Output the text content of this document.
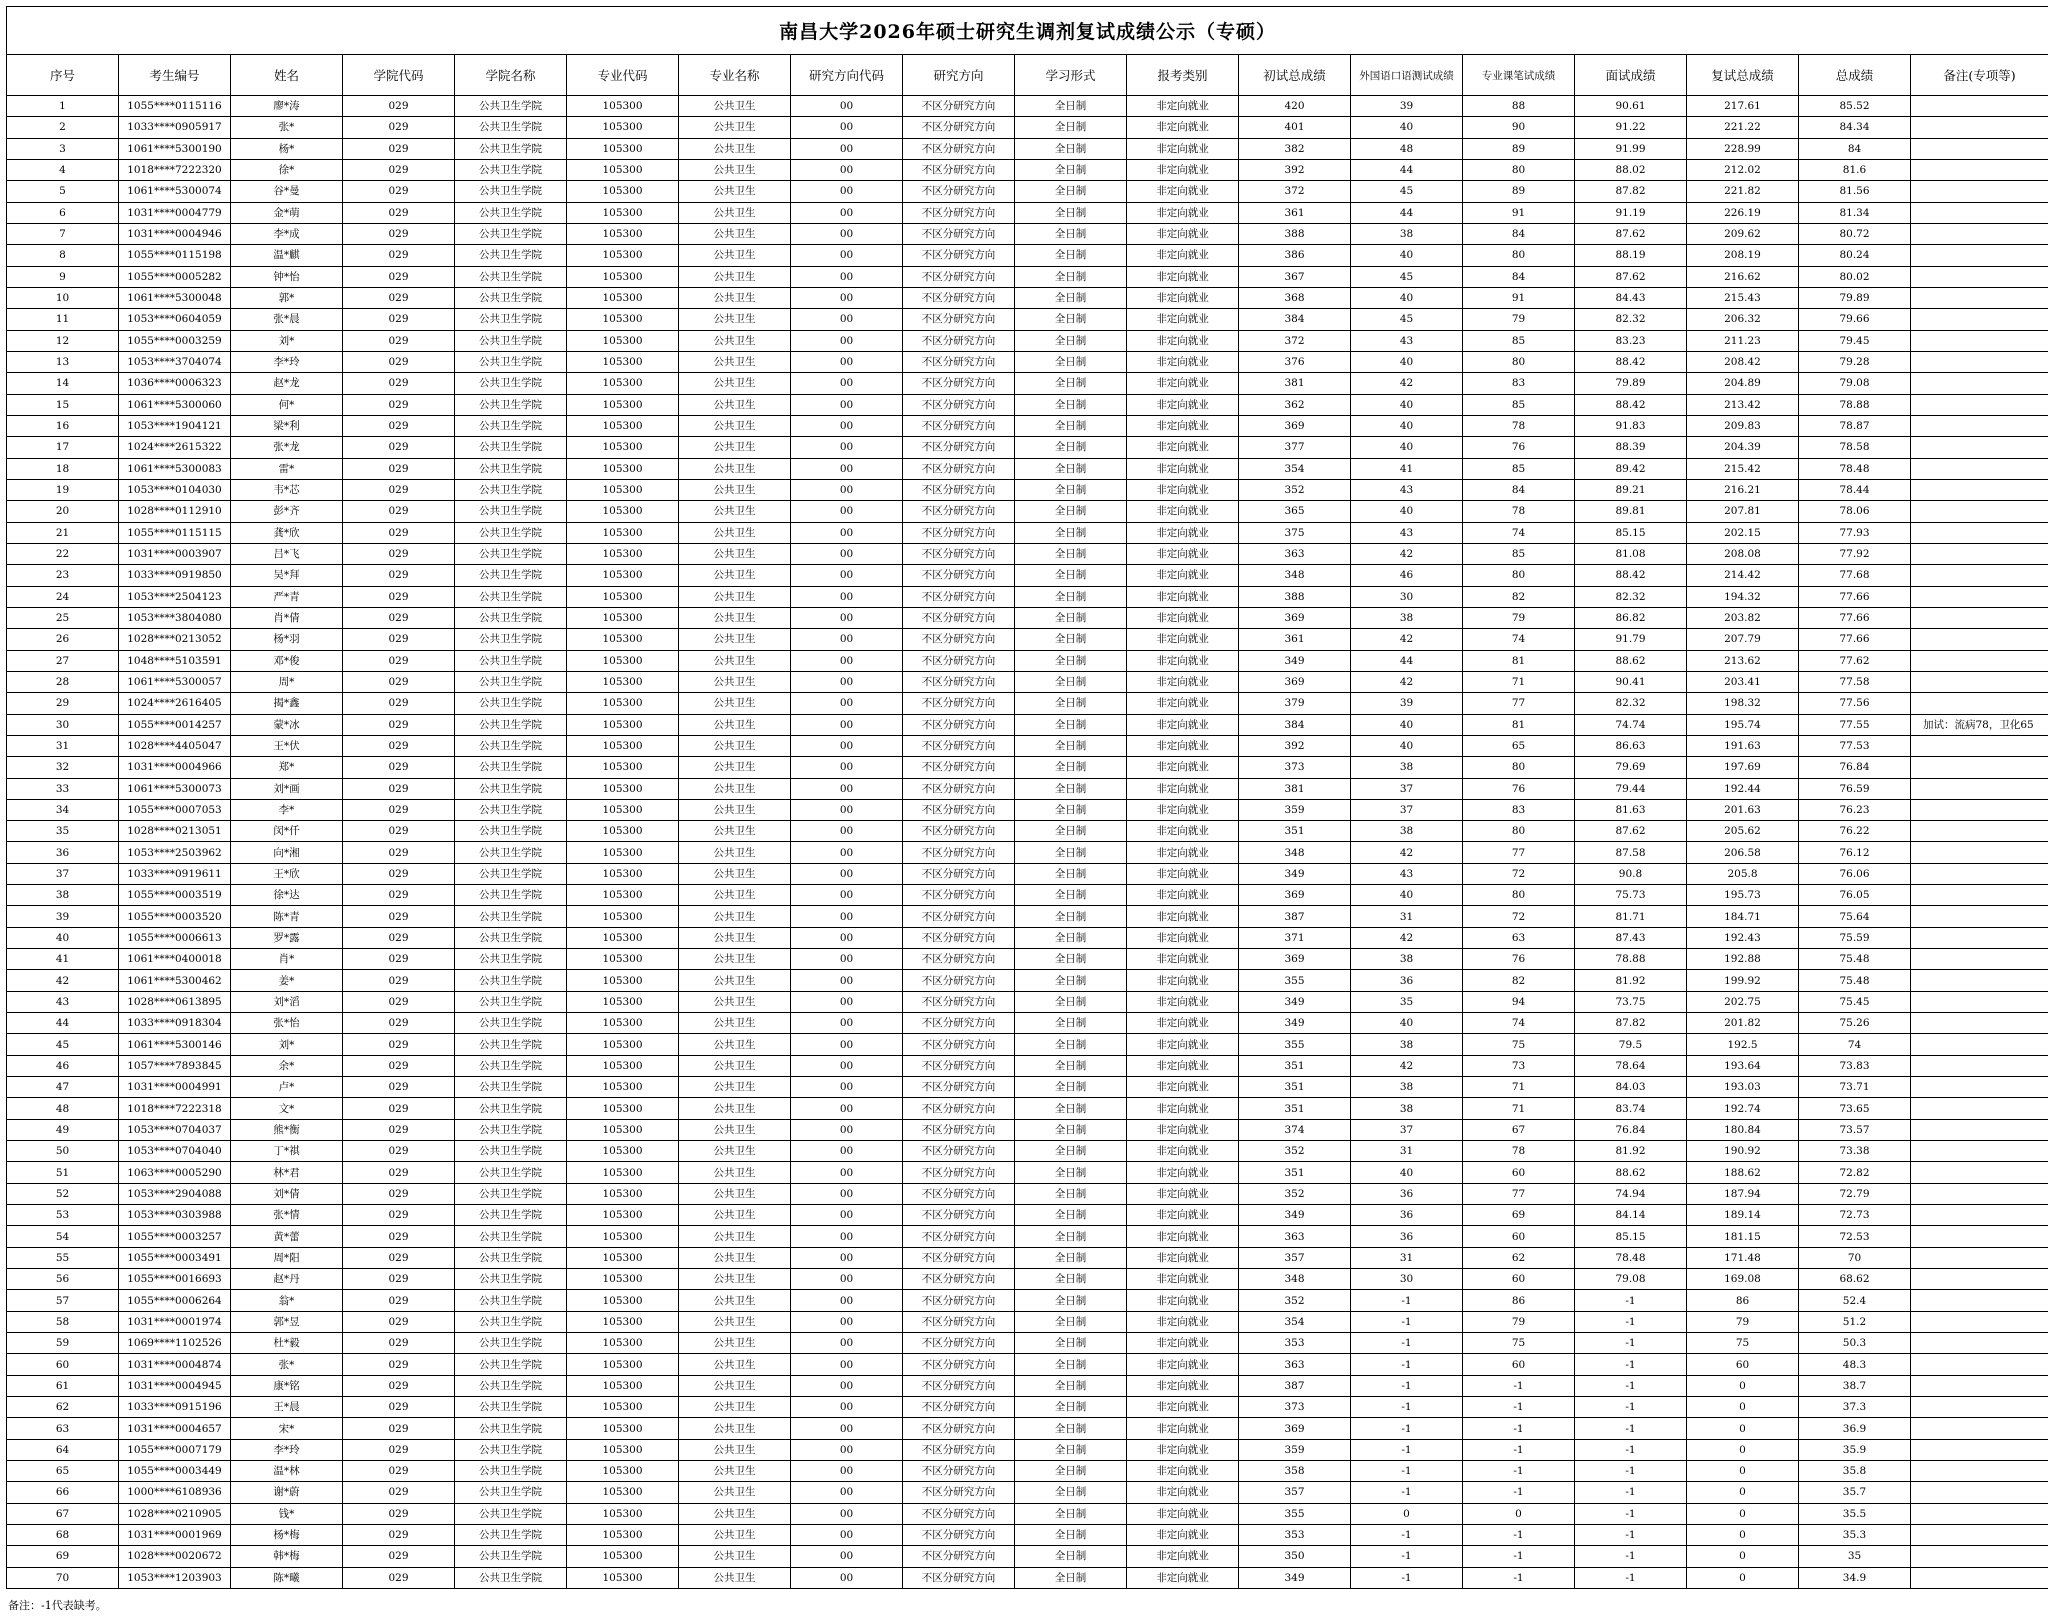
南昌大学2026年硕士研究生调剂复试成绩公示（专硕）																	
序号	考生编号	姓名	学院代码	学院名称	专业代码	专业名称	研究方向代码	研究方向	学习形式	报考类别	初试总成绩	外国语口语测试成绩	专业课笔试成绩	面试成绩	复试总成绩	总成绩	备注(专项等)
1	1055****0115116	廖*涛	029	公共卫生学院	105300	公共卫生	00	不区分研究方向	全日制	非定向就业	420	39	88	90.61	217.61	85.52	
2	1033****0905917	张*	029	公共卫生学院	105300	公共卫生	00	不区分研究方向	全日制	非定向就业	401	40	90	91.22	221.22	84.34	
3	1061****5300190	杨*	029	公共卫生学院	105300	公共卫生	00	不区分研究方向	全日制	非定向就业	382	48	89	91.99	228.99	84	
4	1018****7222320	徐*	029	公共卫生学院	105300	公共卫生	00	不区分研究方向	全日制	非定向就业	392	44	80	88.02	212.02	81.6	
5	1061****5300074	谷*曼	029	公共卫生学院	105300	公共卫生	00	不区分研究方向	全日制	非定向就业	372	45	89	87.82	221.82	81.56	
6	1031****0004779	金*萌	029	公共卫生学院	105300	公共卫生	00	不区分研究方向	全日制	非定向就业	361	44	91	91.19	226.19	81.34	
7	1031****0004946	李*成	029	公共卫生学院	105300	公共卫生	00	不区分研究方向	全日制	非定向就业	388	38	84	87.62	209.62	80.72	
8	1055****0115198	温*麒	029	公共卫生学院	105300	公共卫生	00	不区分研究方向	全日制	非定向就业	386	40	80	88.19	208.19	80.24	
9	1055****0005282	钟*怡	029	公共卫生学院	105300	公共卫生	00	不区分研究方向	全日制	非定向就业	367	45	84	87.62	216.62	80.02	
10	1061****5300048	郭*	029	公共卫生学院	105300	公共卫生	00	不区分研究方向	全日制	非定向就业	368	40	91	84.43	215.43	79.89	
11	1053****0604059	张*晨	029	公共卫生学院	105300	公共卫生	00	不区分研究方向	全日制	非定向就业	384	45	79	82.32	206.32	79.66	
12	1055****0003259	刘*	029	公共卫生学院	105300	公共卫生	00	不区分研究方向	全日制	非定向就业	372	43	85	83.23	211.23	79.45	
13	1053****3704074	李*玲	029	公共卫生学院	105300	公共卫生	00	不区分研究方向	全日制	非定向就业	376	40	80	88.42	208.42	79.28	
14	1036****0006323	赵*龙	029	公共卫生学院	105300	公共卫生	00	不区分研究方向	全日制	非定向就业	381	42	83	79.89	204.89	79.08	
15	1061****5300060	何*	029	公共卫生学院	105300	公共卫生	00	不区分研究方向	全日制	非定向就业	362	40	85	88.42	213.42	78.88	
16	1053****1904121	梁*利	029	公共卫生学院	105300	公共卫生	00	不区分研究方向	全日制	非定向就业	369	40	78	91.83	209.83	78.87	
17	1024****2615322	张*龙	029	公共卫生学院	105300	公共卫生	00	不区分研究方向	全日制	非定向就业	377	40	76	88.39	204.39	78.58	
18	1061****5300083	雷*	029	公共卫生学院	105300	公共卫生	00	不区分研究方向	全日制	非定向就业	354	41	85	89.42	215.42	78.48	
19	1053****0104030	韦*芯	029	公共卫生学院	105300	公共卫生	00	不区分研究方向	全日制	非定向就业	352	43	84	89.21	216.21	78.44	
20	1028****0112910	彭*齐	029	公共卫生学院	105300	公共卫生	00	不区分研究方向	全日制	非定向就业	365	40	78	89.81	207.81	78.06	
21	1055****0115115	龚*欣	029	公共卫生学院	105300	公共卫生	00	不区分研究方向	全日制	非定向就业	375	43	74	85.15	202.15	77.93	
22	1031****0003907	吕*飞	029	公共卫生学院	105300	公共卫生	00	不区分研究方向	全日制	非定向就业	363	42	85	81.08	208.08	77.92	
23	1033****0919850	吴*拜	029	公共卫生学院	105300	公共卫生	00	不区分研究方向	全日制	非定向就业	348	46	80	88.42	214.42	77.68	
24	1053****2504123	严*青	029	公共卫生学院	105300	公共卫生	00	不区分研究方向	全日制	非定向就业	388	30	82	82.32	194.32	77.66	
25	1053****3804080	肖*倩	029	公共卫生学院	105300	公共卫生	00	不区分研究方向	全日制	非定向就业	369	38	79	86.82	203.82	77.66	
26	1028****0213052	杨*羽	029	公共卫生学院	105300	公共卫生	00	不区分研究方向	全日制	非定向就业	361	42	74	91.79	207.79	77.66	
27	1048****5103591	邓*俊	029	公共卫生学院	105300	公共卫生	00	不区分研究方向	全日制	非定向就业	349	44	81	88.62	213.62	77.62	
28	1061****5300057	周*	029	公共卫生学院	105300	公共卫生	00	不区分研究方向	全日制	非定向就业	369	42	71	90.41	203.41	77.58	
29	1024****2616405	揭*鑫	029	公共卫生学院	105300	公共卫生	00	不区分研究方向	全日制	非定向就业	379	39	77	82.32	198.32	77.56	
30	1055****0014257	蒙*冰	029	公共卫生学院	105300	公共卫生	00	不区分研究方向	全日制	非定向就业	384	40	81	74.74	195.74	77.55	加试：流病78，卫化65
31	1028****4405047	王*伏	029	公共卫生学院	105300	公共卫生	00	不区分研究方向	全日制	非定向就业	392	40	65	86.63	191.63	77.53	
32	1031****0004966	郑*	029	公共卫生学院	105300	公共卫生	00	不区分研究方向	全日制	非定向就业	373	38	80	79.69	197.69	76.84	
33	1061****5300073	刘*画	029	公共卫生学院	105300	公共卫生	00	不区分研究方向	全日制	非定向就业	381	37	76	79.44	192.44	76.59	
34	1055****0007053	李*	029	公共卫生学院	105300	公共卫生	00	不区分研究方向	全日制	非定向就业	359	37	83	81.63	201.63	76.23	
35	1028****0213051	闵*仟	029	公共卫生学院	105300	公共卫生	00	不区分研究方向	全日制	非定向就业	351	38	80	87.62	205.62	76.22	
36	1053****2503962	向*湘	029	公共卫生学院	105300	公共卫生	00	不区分研究方向	全日制	非定向就业	348	42	77	87.58	206.58	76.12	
37	1033****0919611	王*欣	029	公共卫生学院	105300	公共卫生	00	不区分研究方向	全日制	非定向就业	349	43	72	90.8	205.8	76.06	
38	1055****0003519	徐*达	029	公共卫生学院	105300	公共卫生	00	不区分研究方向	全日制	非定向就业	369	40	80	75.73	195.73	76.05	
39	1055****0003520	陈*青	029	公共卫生学院	105300	公共卫生	00	不区分研究方向	全日制	非定向就业	387	31	72	81.71	184.71	75.64	
40	1055****0006613	罗*露	029	公共卫生学院	105300	公共卫生	00	不区分研究方向	全日制	非定向就业	371	42	63	87.43	192.43	75.59	
41	1061****0400018	肖*	029	公共卫生学院	105300	公共卫生	00	不区分研究方向	全日制	非定向就业	369	38	76	78.88	192.88	75.48	
42	1061****5300462	姜*	029	公共卫生学院	105300	公共卫生	00	不区分研究方向	全日制	非定向就业	355	36	82	81.92	199.92	75.48	
43	1028****0613895	刘*滔	029	公共卫生学院	105300	公共卫生	00	不区分研究方向	全日制	非定向就业	349	35	94	73.75	202.75	75.45	
44	1033****0918304	张*怡	029	公共卫生学院	105300	公共卫生	00	不区分研究方向	全日制	非定向就业	349	40	74	87.82	201.82	75.26	
45	1061****5300146	刘*	029	公共卫生学院	105300	公共卫生	00	不区分研究方向	全日制	非定向就业	355	38	75	79.5	192.5	74	
46	1057****7893845	余*	029	公共卫生学院	105300	公共卫生	00	不区分研究方向	全日制	非定向就业	351	42	73	78.64	193.64	73.83	
47	1031****0004991	卢*	029	公共卫生学院	105300	公共卫生	00	不区分研究方向	全日制	非定向就业	351	38	71	84.03	193.03	73.71	
48	1018****7222318	文*	029	公共卫生学院	105300	公共卫生	00	不区分研究方向	全日制	非定向就业	351	38	71	83.74	192.74	73.65	
49	1053****0704037	熊*衡	029	公共卫生学院	105300	公共卫生	00	不区分研究方向	全日制	非定向就业	374	37	67	76.84	180.84	73.57	
50	1053****0704040	丁*祺	029	公共卫生学院	105300	公共卫生	00	不区分研究方向	全日制	非定向就业	352	31	78	81.92	190.92	73.38	
51	1063****0005290	林*君	029	公共卫生学院	105300	公共卫生	00	不区分研究方向	全日制	非定向就业	351	40	60	88.62	188.62	72.82	
52	1053****2904088	刘*倩	029	公共卫生学院	105300	公共卫生	00	不区分研究方向	全日制	非定向就业	352	36	77	74.94	187.94	72.79	
53	1053****0303988	张*情	029	公共卫生学院	105300	公共卫生	00	不区分研究方向	全日制	非定向就业	349	36	69	84.14	189.14	72.73	
54	1055****0003257	黄*蕾	029	公共卫生学院	105300	公共卫生	00	不区分研究方向	全日制	非定向就业	363	36	60	85.15	181.15	72.53	
55	1055****0003491	周*阳	029	公共卫生学院	105300	公共卫生	00	不区分研究方向	全日制	非定向就业	357	31	62	78.48	171.48	70	
56	1055****0016693	赵*丹	029	公共卫生学院	105300	公共卫生	00	不区分研究方向	全日制	非定向就业	348	30	60	79.08	169.08	68.62	
57	1055****0006264	翁*	029	公共卫生学院	105300	公共卫生	00	不区分研究方向	全日制	非定向就业	352	-1	86	-1	86	52.4	
58	1031****0001974	郭*昱	029	公共卫生学院	105300	公共卫生	00	不区分研究方向	全日制	非定向就业	354	-1	79	-1	79	51.2	
59	1069****1102526	杜*毅	029	公共卫生学院	105300	公共卫生	00	不区分研究方向	全日制	非定向就业	353	-1	75	-1	75	50.3	
60	1031****0004874	张*	029	公共卫生学院	105300	公共卫生	00	不区分研究方向	全日制	非定向就业	363	-1	60	-1	60	48.3	
61	1031****0004945	康*铭	029	公共卫生学院	105300	公共卫生	00	不区分研究方向	全日制	非定向就业	387	-1	-1	-1	0	38.7	
62	1033****0915196	王*晨	029	公共卫生学院	105300	公共卫生	00	不区分研究方向	全日制	非定向就业	373	-1	-1	-1	0	37.3	
63	1031****0004657	宋*	029	公共卫生学院	105300	公共卫生	00	不区分研究方向	全日制	非定向就业	369	-1	-1	-1	0	36.9	
64	1055****0007179	李*玲	029	公共卫生学院	105300	公共卫生	00	不区分研究方向	全日制	非定向就业	359	-1	-1	-1	0	35.9	
65	1055****0003449	温*林	029	公共卫生学院	105300	公共卫生	00	不区分研究方向	全日制	非定向就业	358	-1	-1	-1	0	35.8	
66	1000****6108936	谢*蔚	029	公共卫生学院	105300	公共卫生	00	不区分研究方向	全日制	非定向就业	357	-1	-1	-1	0	35.7	
67	1028****0210905	钱*	029	公共卫生学院	105300	公共卫生	00	不区分研究方向	全日制	非定向就业	355	0	0	-1	0	35.5	
68	1031****0001969	杨*梅	029	公共卫生学院	105300	公共卫生	00	不区分研究方向	全日制	非定向就业	353	-1	-1	-1	0	35.3	
69	1028****0020672	韩*梅	029	公共卫生学院	105300	公共卫生	00	不区分研究方向	全日制	非定向就业	350	-1	-1	-1	0	35	
70	1053****1203903	陈*曦	029	公共卫生学院	105300	公共卫生	00	不区分研究方向	全日制	非定向就业	349	-1	-1	-1	0	34.9	
备注：-1代表缺考。
